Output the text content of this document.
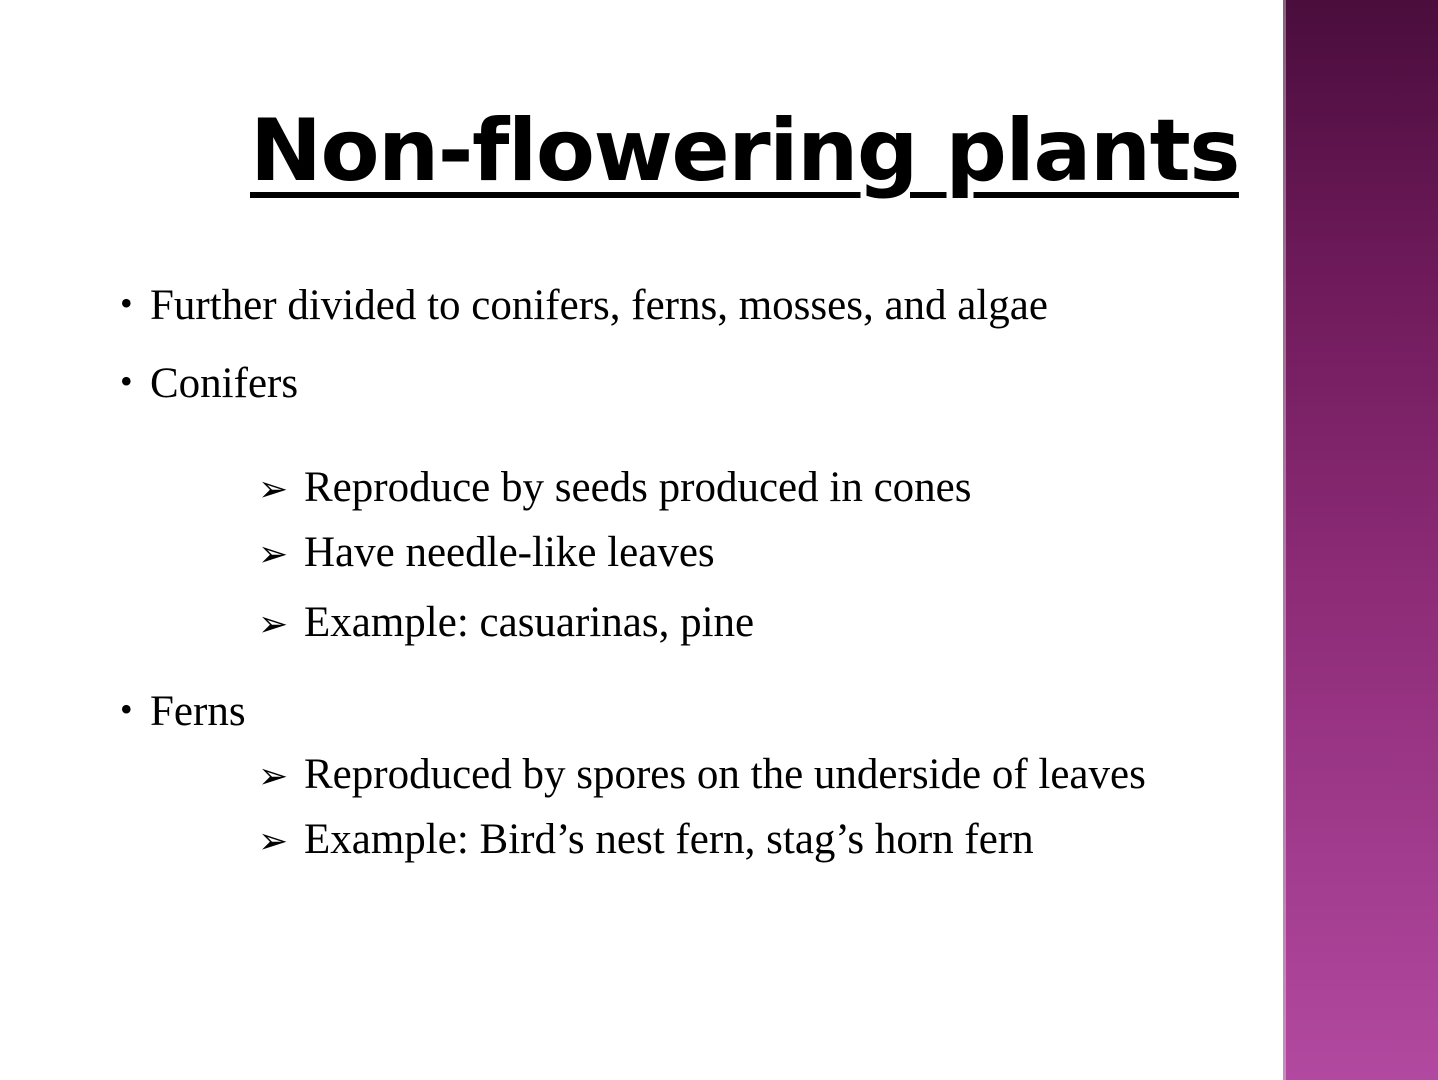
Non-flowering plants
• Further divided to conifers, ferns, mosses, and algae
• Conifers
➢ Reproduce by seeds produced in cones
➢ Have needle-like leaves
➢ Example: casuarinas, pine
• Ferns
➢ Reproduced by spores on the underside of leaves
➢ Example: Bird’s nest fern, stag’s horn fern
